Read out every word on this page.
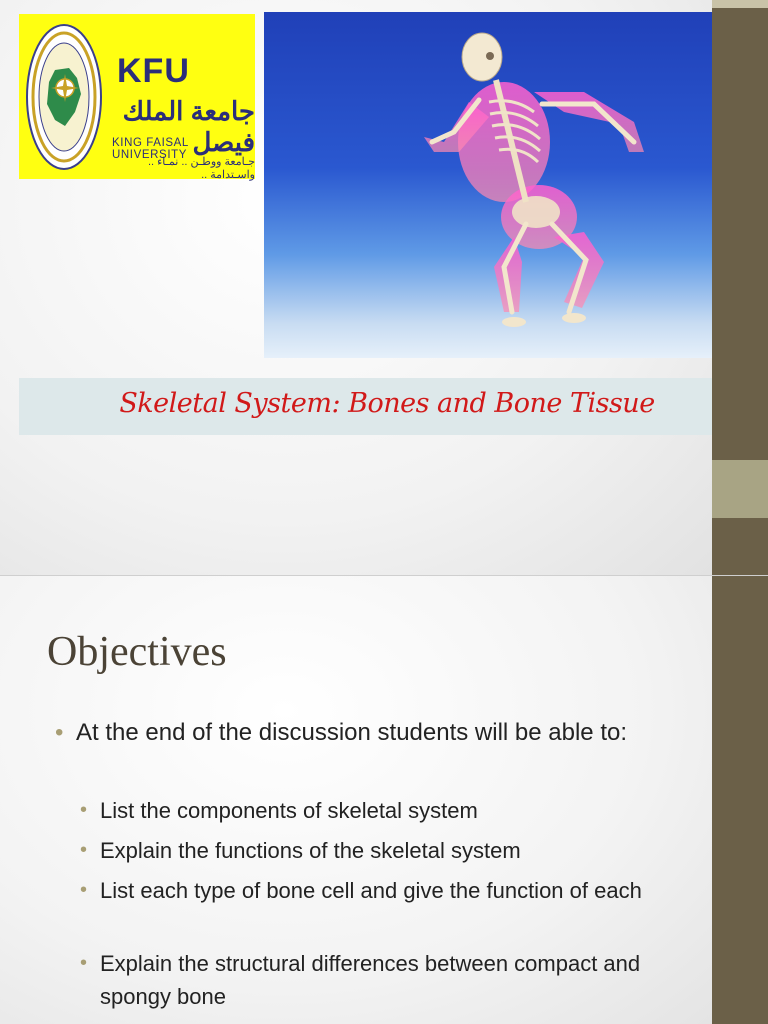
KFU
جامعة الملك فيصل
KING FAISAL UNIVERSITY
جـامعة ووطـن .. نمـاء .. واسـتدامة ..
Skeletal System: Bones and Bone Tissue
Objectives
• At the end of the discussion students will be able to:
• List the components of skeletal system
• Explain the functions of the skeletal system
• List each type of bone cell and give the function of each
• Explain the structural differences between compact and spongy bone
